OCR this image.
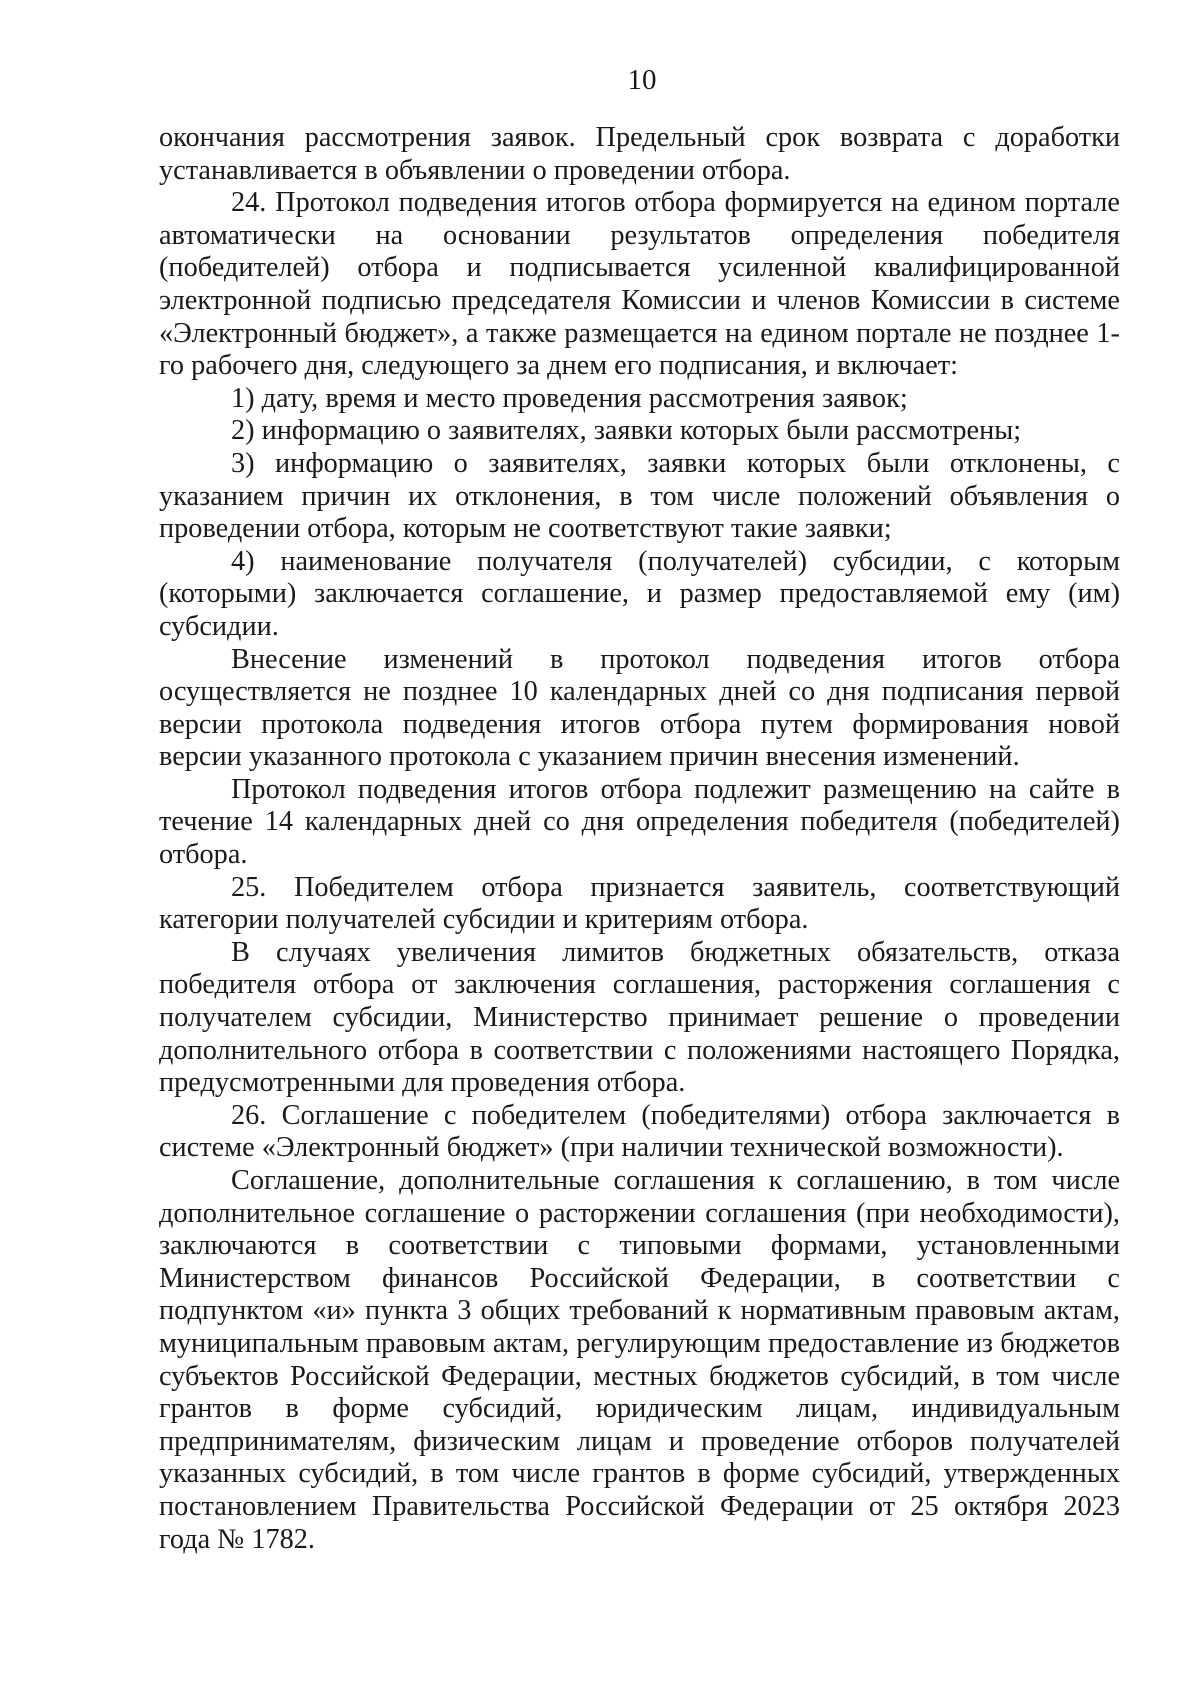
10

окончания рассмотрения заявок. Предельный срок возврата с доработки устанавливается в объявлении о проведении отбора.

24. Протокол подведения итогов отбора формируется на едином портале автоматически на основании результатов определения победителя (победителей) отбора и подписывается усиленной квалифицированной электронной подписью председателя Комиссии и членов Комиссии в системе «Электронный бюджет», а также размещается на едином портале не позднее 1-го рабочего дня, следующего за днем его подписания, и включает:

1) дату, время и место проведения рассмотрения заявок;

2) информацию о заявителях, заявки которых были рассмотрены;

3) информацию о заявителях, заявки которых были отклонены, с указанием причин их отклонения, в том числе положений объявления о проведении отбора, которым не соответствуют такие заявки;

4) наименование получателя (получателей) субсидии, с которым (которыми) заключается соглашение, и размер предоставляемой ему (им) субсидии.

Внесение изменений в протокол подведения итогов отбора осуществляется не позднее 10 календарных дней со дня подписания первой версии протокола подведения итогов отбора путем формирования новой версии указанного протокола с указанием причин внесения изменений.

Протокол подведения итогов отбора подлежит размещению на сайте в течение 14 календарных дней со дня определения победителя (победителей) отбора.

25. Победителем отбора признается заявитель, соответствующий категории получателей субсидии и критериям отбора.

В случаях увеличения лимитов бюджетных обязательств, отказа победителя отбора от заключения соглашения, расторжения соглашения с получателем субсидии, Министерство принимает решение о проведении дополнительного отбора в соответствии с положениями настоящего Порядка, предусмотренными для проведения отбора.

26. Соглашение с победителем (победителями) отбора заключается в системе «Электронный бюджет» (при наличии технической возможности).

Соглашение, дополнительные соглашения к соглашению, в том числе дополнительное соглашение о расторжении соглашения (при необходимости), заключаются в соответствии с типовыми формами, установленными Министерством финансов Российской Федерации, в соответствии с подпунктом «и» пункта 3 общих требований к нормативным правовым актам, муниципальным правовым актам, регулирующим предоставление из бюджетов субъектов Российской Федерации, местных бюджетов субсидий, в том числе грантов в форме субсидий, юридическим лицам, индивидуальным предпринимателям, физическим лицам и проведение отборов получателей указанных субсидий, в том числе грантов в форме субсидий, утвержденных постановлением Правительства Российской Федерации от 25 октября 2023 года № 1782.
